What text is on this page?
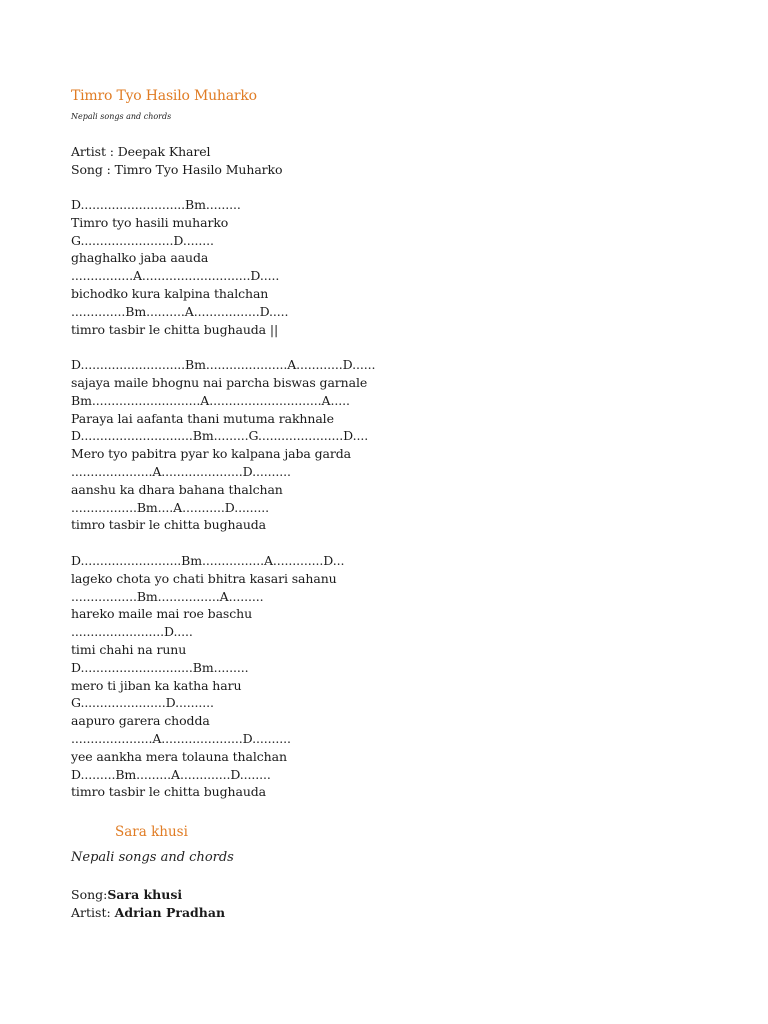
Timro Tyo Hasilo Muharko
Nepali songs and chords
Artist : Deepak Kharel
Song : Timro Tyo Hasilo Muharko
D...........................Bm.........
Timro tyo hasili muharko
G........................D........
ghaghalko jaba aauda
................A............................D.....
bichodko kura kalpina thalchan
..............Bm..........A.................D.....
timro tasbir le chitta bughauda ||
D...........................Bm.....................A............D......
sajaya maile bhognu nai parcha biswas garnale
Bm............................A.............................A.....
Paraya lai aafanta thani mutuma rakhnale
D.............................Bm.........G......................D....
Mero tyo pabitra pyar ko kalpana jaba garda
.....................A.....................D..........
aanshu ka dhara bahana thalchan
.................Bm....A...........D.........
timro tasbir le chitta bughauda
D..........................Bm................A.............D...
lageko chota yo chati bhitra kasari sahanu
.................Bm................A.........
hareko maile mai roe baschu
........................D.....
timi chahi na runu
D.............................Bm.........
mero ti jiban ka katha haru
G......................D..........
aapuro garera chodda
.....................A.....................D..........
yee aankha mera tolauna thalchan
D.........Bm.........A.............D........
timro tasbir le chitta bughauda
Sara khusi
Nepali songs and chords
Song:Sara khusi
Artist: Adrian Pradhan
